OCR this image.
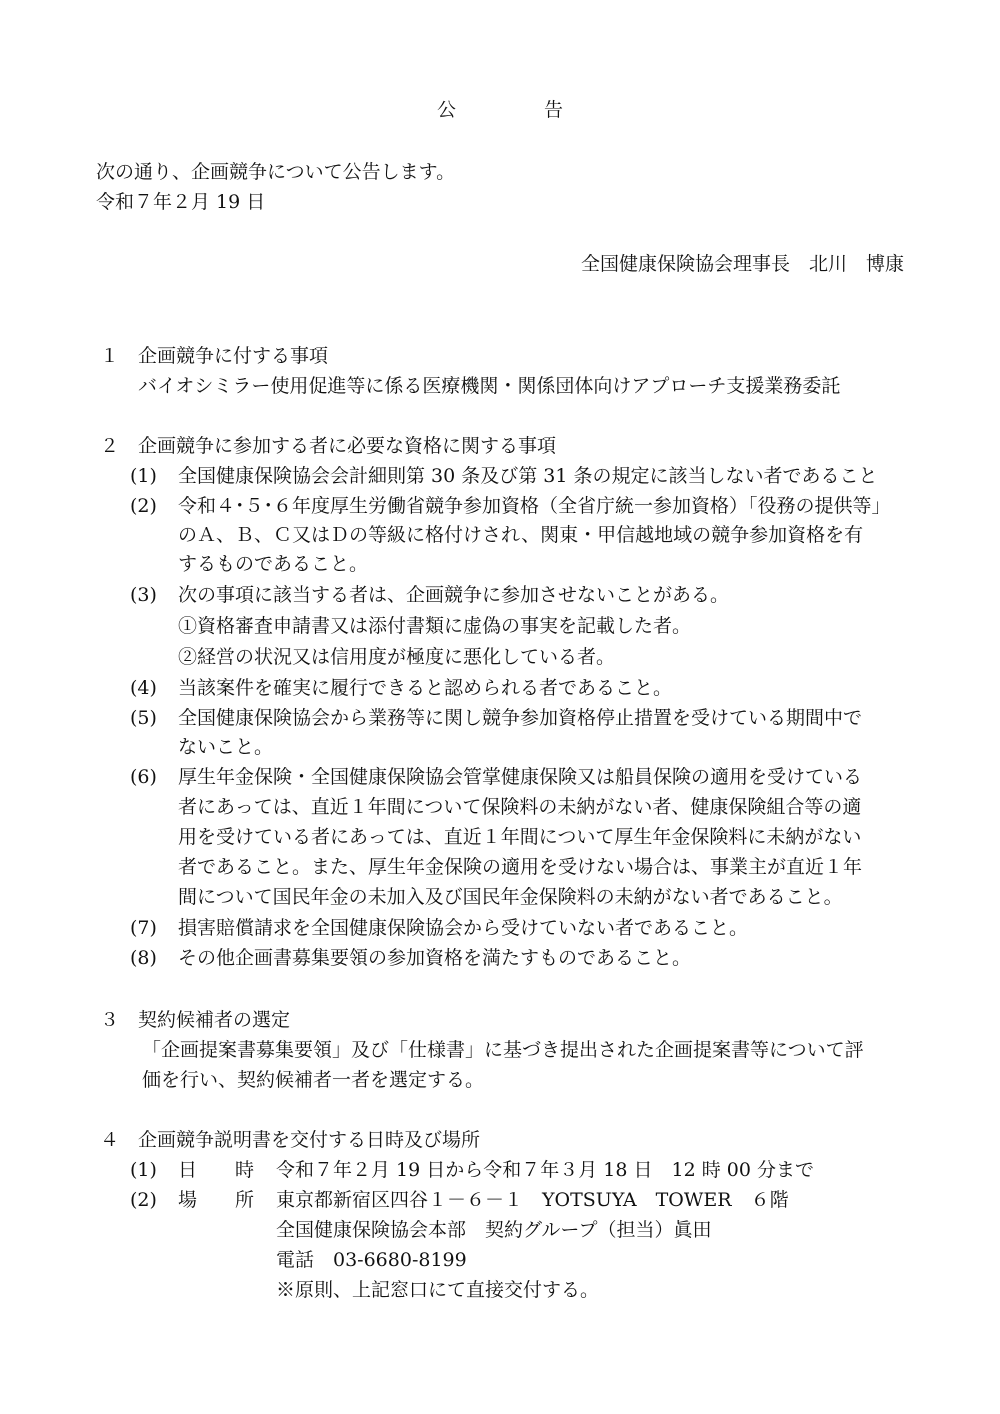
公	告
次の通り、企画競争について公告します。
令和７年２月 19 日
全国健康保険協会理事長　北川　博康
１ 企画競争に付する事項
バイオシミラー使用促進等に係る医療機関・関係団体向けアプローチ支援業務委託
２ 企画競争に参加する者に必要な資格に関する事項
(1) 全国健康保険協会会計細則第 30 条及び第 31 条の規定に該当しない者であること
(2) 令和４･５･６年度厚生労働省競争参加資格（全省庁統一参加資格）「役務の提供等」
のＡ、Ｂ、Ｃ又はＤの等級に格付けされ、関東・甲信越地域の競争参加資格を有
するものであること。
(3) 次の事項に該当する者は、企画競争に参加させないことがある。
①資格審査申請書又は添付書類に虚偽の事実を記載した者。
②経営の状況又は信用度が極度に悪化している者。
(4) 当該案件を確実に履行できると認められる者であること。
(5) 全国健康保険協会から業務等に関し競争参加資格停止措置を受けている期間中で
ないこと。
(6) 厚生年金保険・全国健康保険協会管掌健康保険又は船員保険の適用を受けている
者にあっては、直近１年間について保険料の未納がない者、健康保険組合等の適
用を受けている者にあっては、直近１年間について厚生年金保険料に未納がない
者であること。また、厚生年金保険の適用を受けない場合は、事業主が直近１年
間について国民年金の未加入及び国民年金保険料の未納がない者であること。
(7) 損害賠償請求を全国健康保険協会から受けていない者であること。
(8) その他企画書募集要領の参加資格を満たすものであること。
３ 契約候補者の選定
「企画提案書募集要領」及び「仕様書」に基づき提出された企画提案書等について評
価を行い、契約候補者一者を選定する。
４ 企画競争説明書を交付する日時及び場所
(1) 日　　時 令和７年２月 19 日から令和７年３月 18 日　12 時 00 分まで
(2) 場　　所 東京都新宿区四谷１－６－１　YOTSUYA　TOWER　６階
全国健康保険協会本部　契約グループ（担当）眞田
電話　03-6680-8199
※原則、上記窓口にて直接交付する。
